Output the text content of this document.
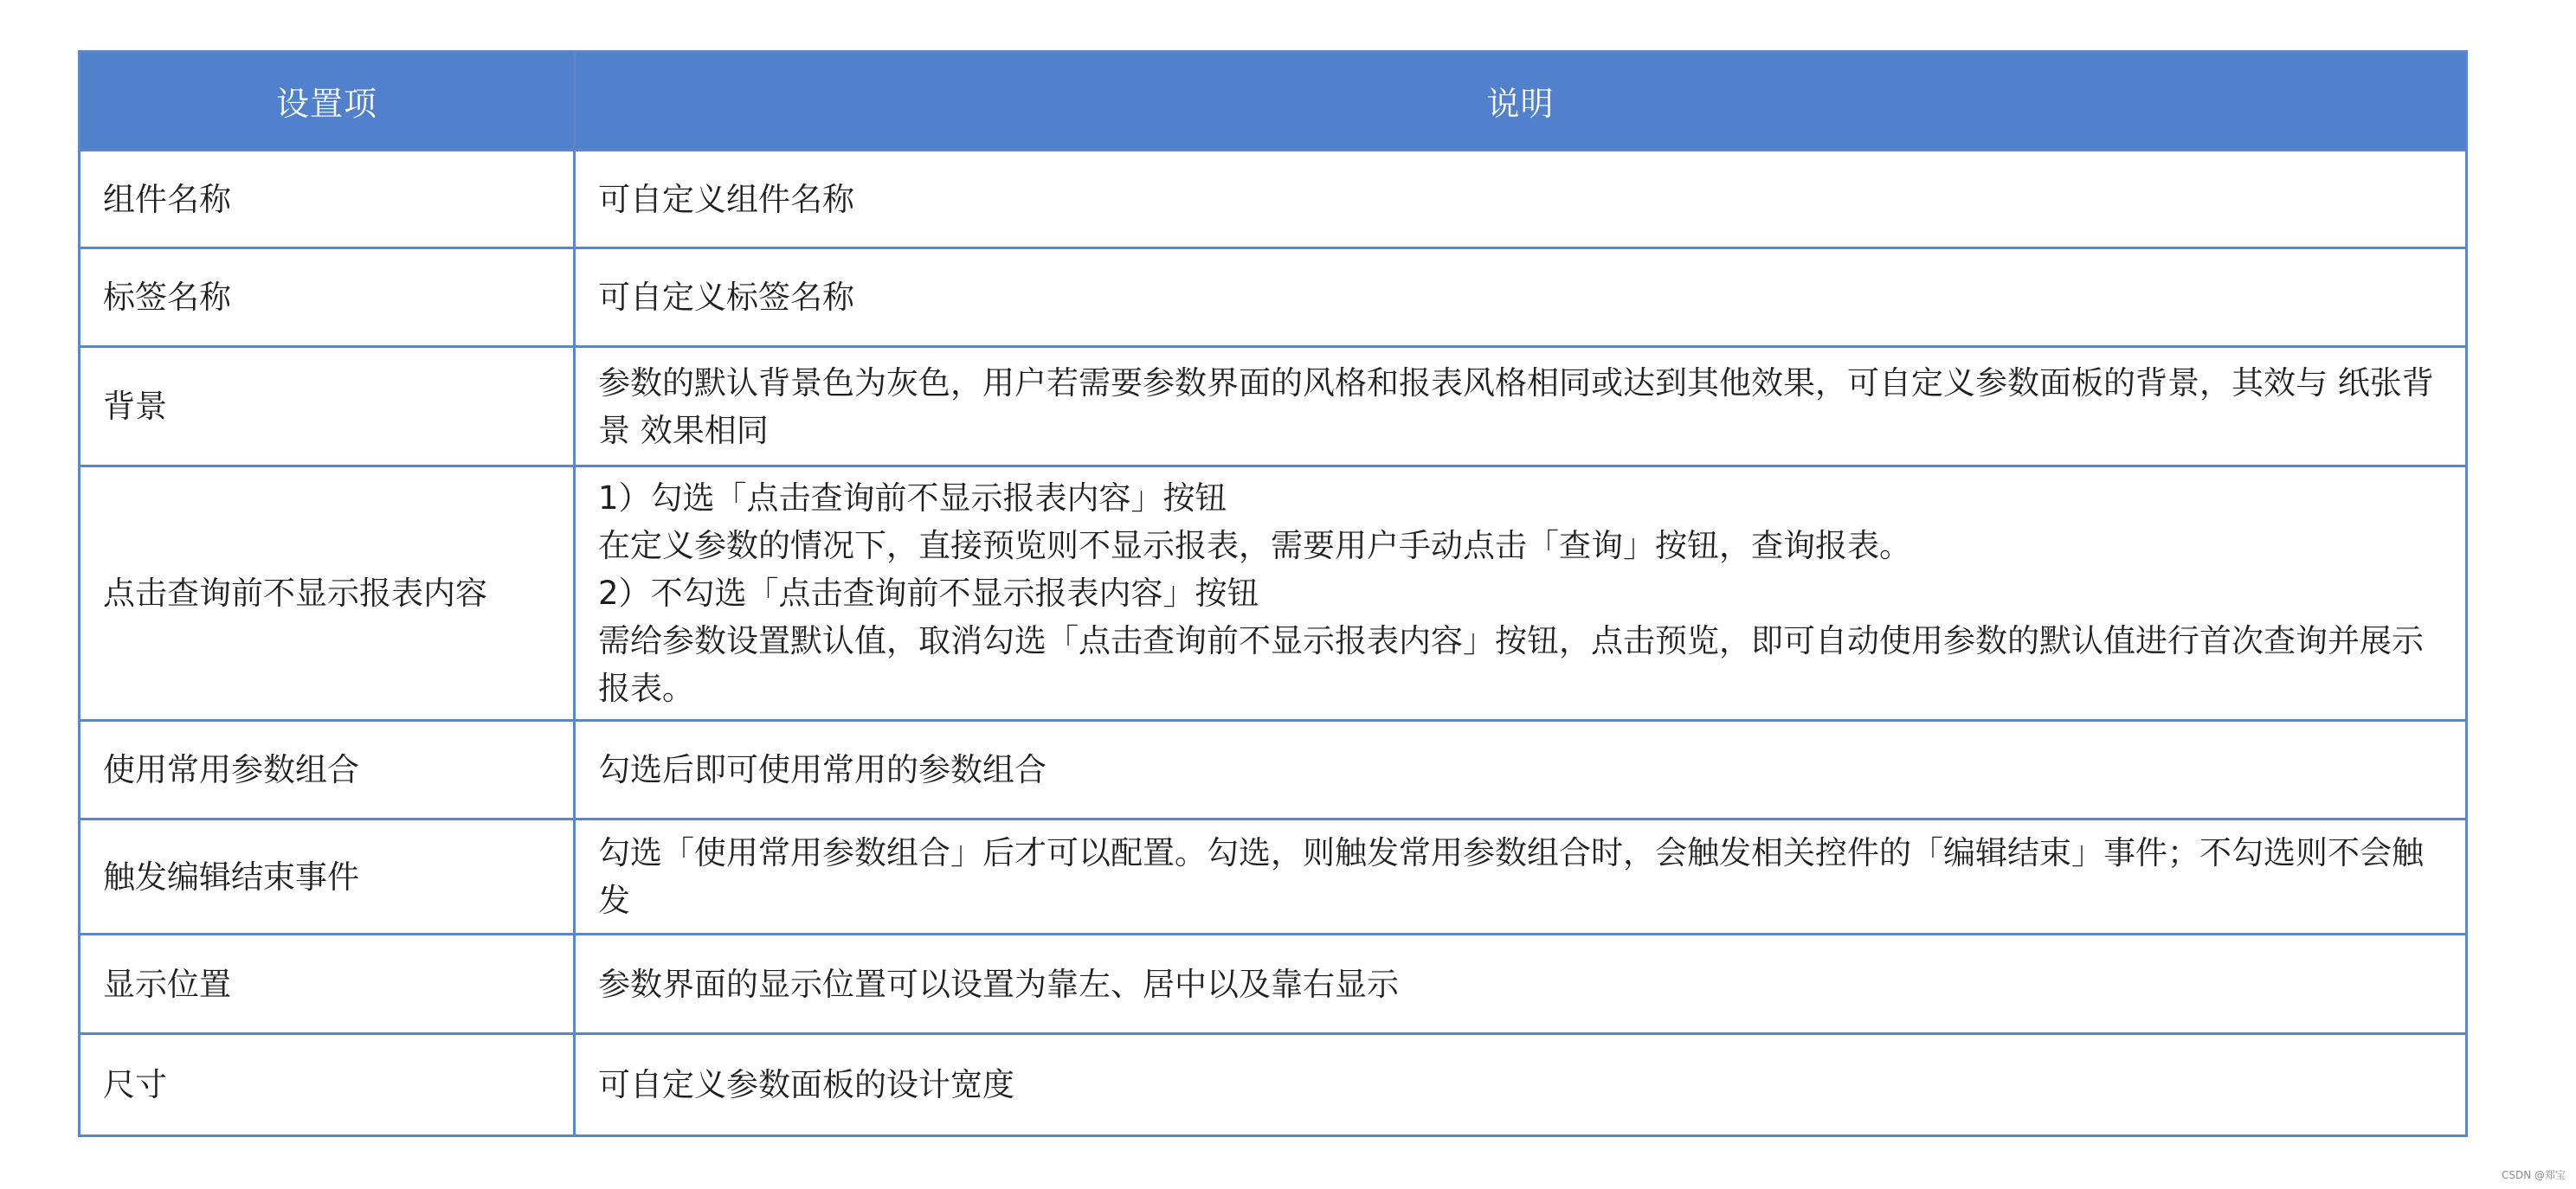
设置项	说明
组件名称	可自定义组件名称

标签名称	可自定义标签名称

背景	参数的默认背景色为灰色，用户若需要参数界面的风格和报表风格相同或达到其他效果，可自定义参数面板的背景，其效与 纸张背景 效果相同

点击查询前不显示报表内容	1）勾选「点击查询前不显示报表内容」按钮
在定义参数的情况下，直接预览则不显示报表，需要用户手动点击「查询」按钮，查询报表。
2）不勾选「点击查询前不显示报表内容」按钮
需给参数设置默认值，取消勾选「点击查询前不显示报表内容」按钮，点击预览，即可自动使用参数的默认值进行首次查询并展示报表。

使用常用参数组合	勾选后即可使用常用的参数组合

触发编辑结束事件	勾选「使用常用参数组合」后才可以配置。勾选，则触发常用参数组合时，会触发相关控件的「编辑结束」事件；不勾选则不会触发

显示位置	参数界面的显示位置可以设置为靠左、居中以及靠右显示

尺寸	可自定义参数面板的设计宽度
CSDN @郑宝
